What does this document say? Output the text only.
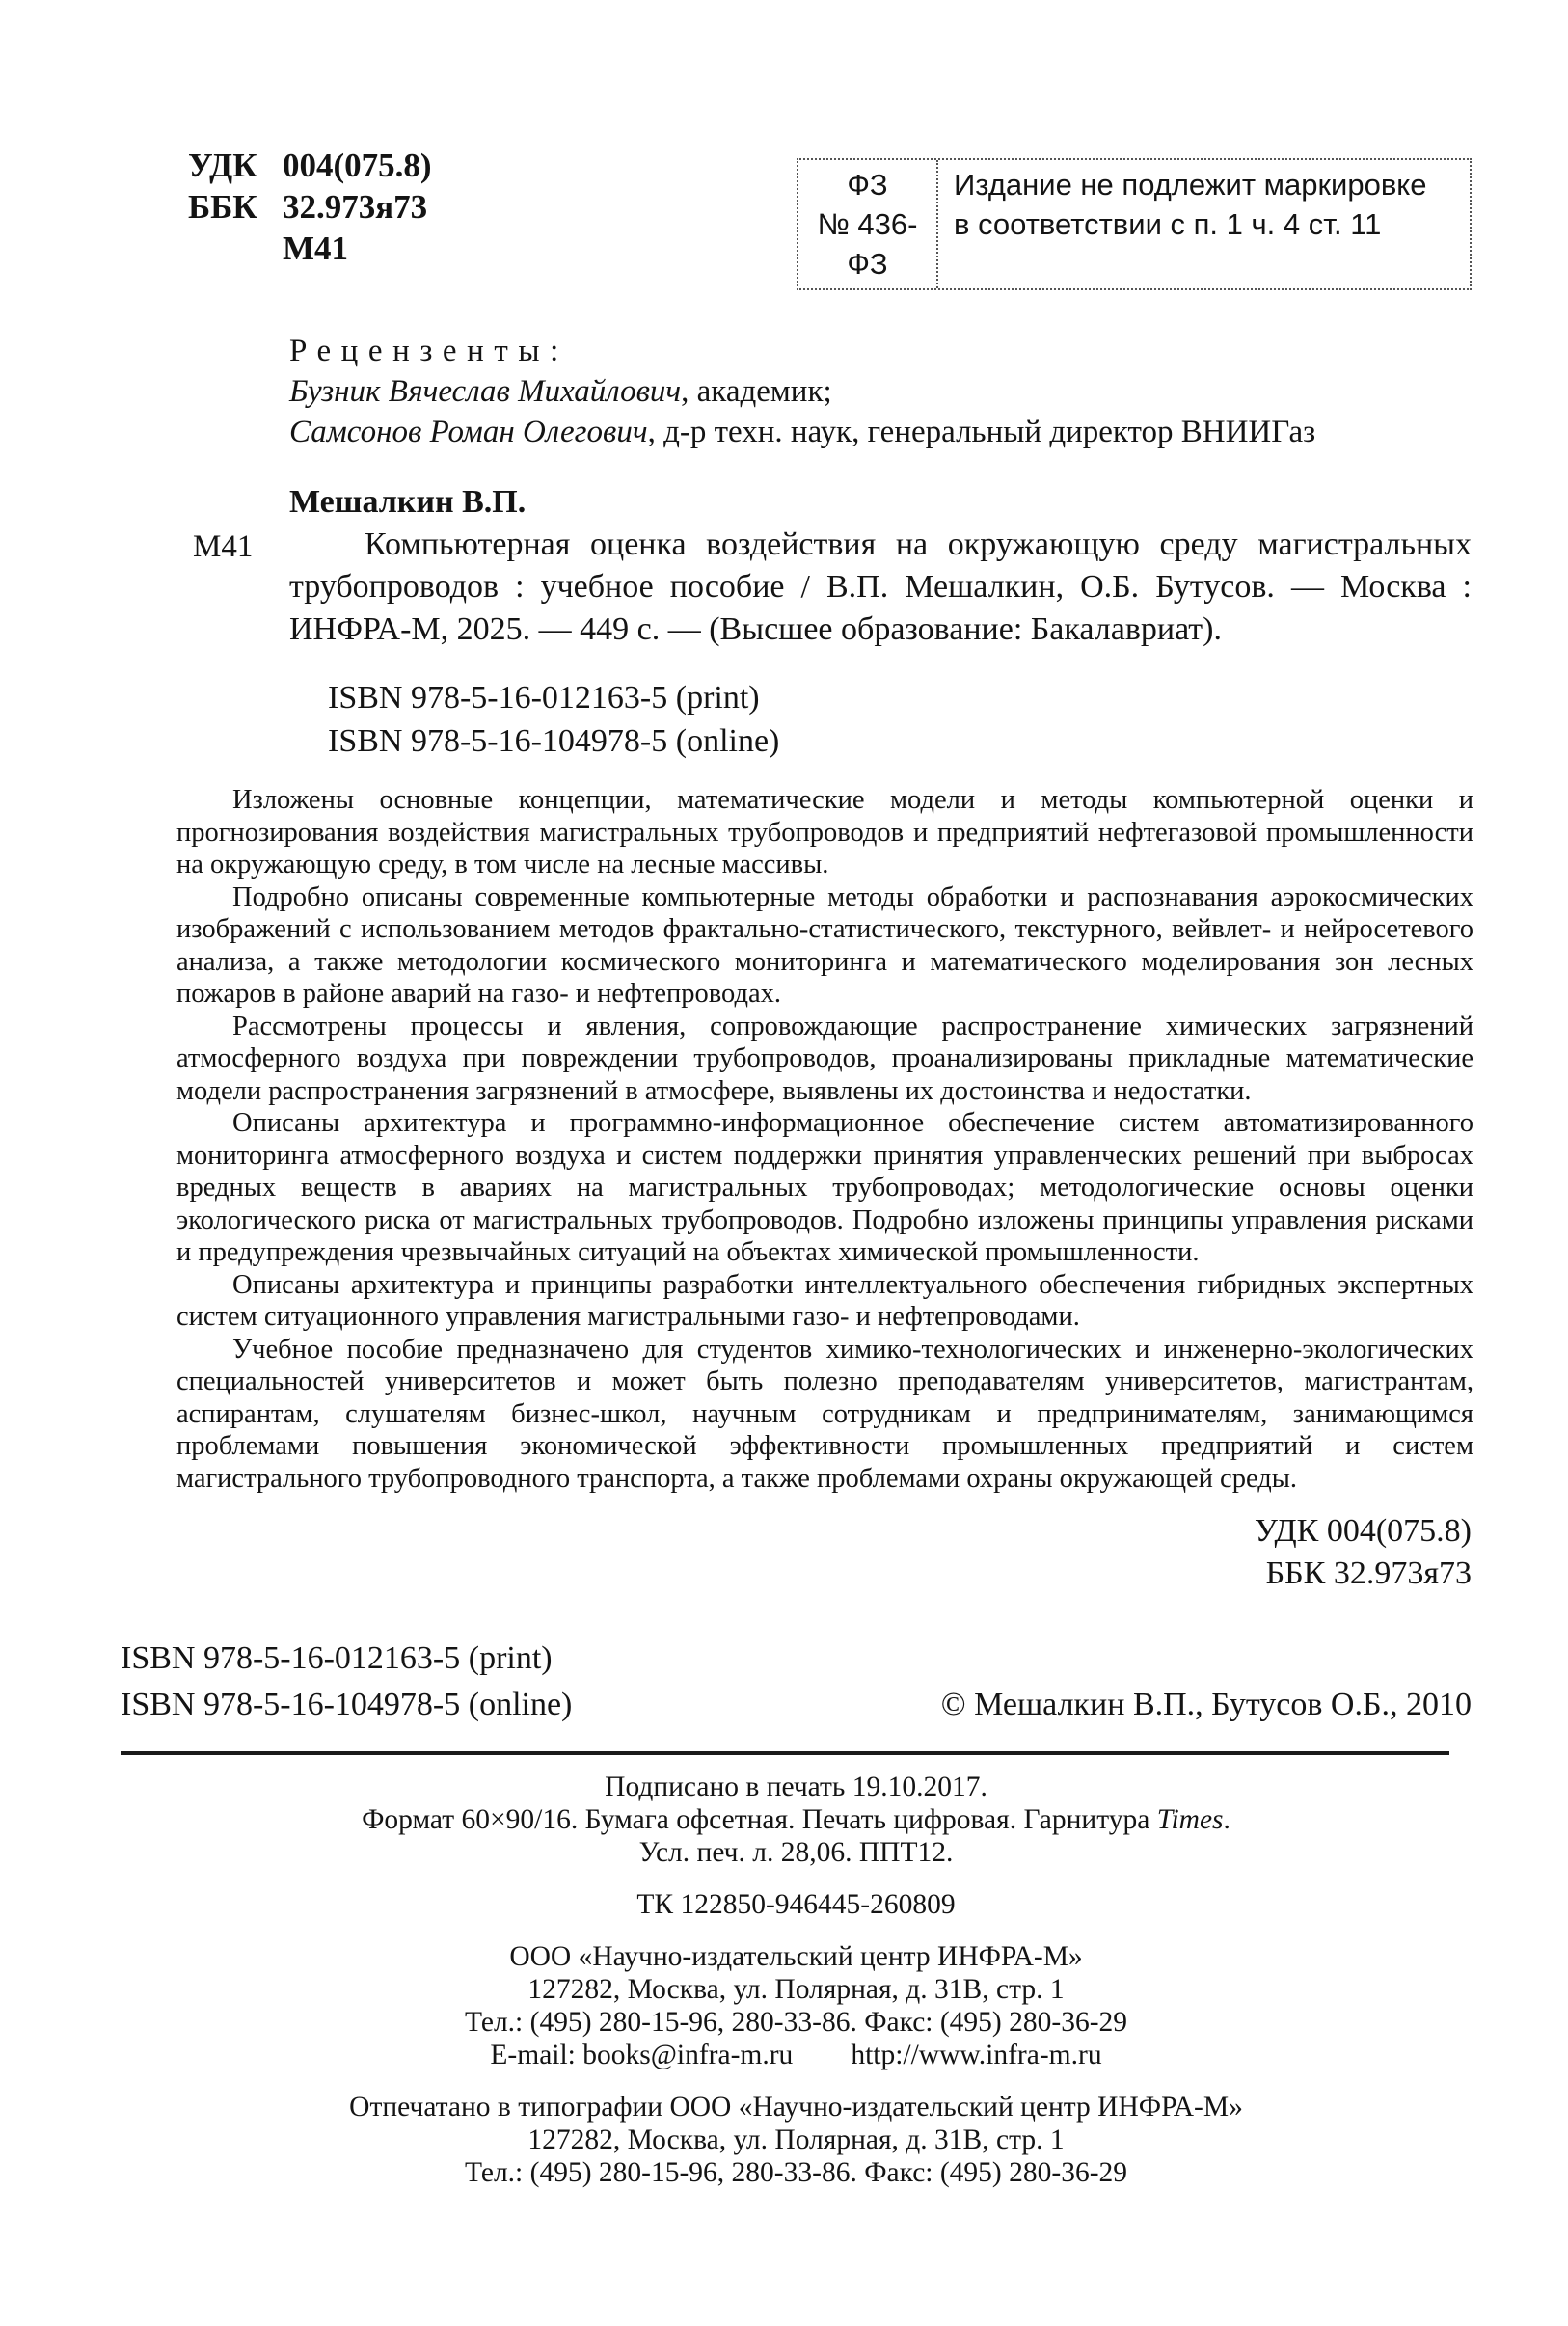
УДК 004(075.8)
ББК 32.973я73
М41
ФЗ
№ 436-ФЗ
Издание не подлежит маркировке
в соответствии с п. 1 ч. 4 ст. 11
Рецензенты:
Бузник Вячеслав Михайлович, академик;
Самсонов Роман Олегович, д-р техн. наук, генеральный директор ВНИИГаз
Мешалкин В.П.
М41	Компьютерная оценка воздействия на окружающую среду магистральных трубопроводов : учебное пособие / В.П. Мешалкин, О.Б. Бутусов. — Москва : ИНФРА-М, 2025. — 449 с. — (Высшее образование: Бакалавриат).
ISBN 978-5-16-012163-5 (print)
ISBN 978-5-16-104978-5 (online)

Изложены основные концепции, математические модели и методы компьютерной оценки и прогнозирования воздействия магистральных трубопроводов и предприятий нефтегазовой промышленности на окружающую среду, в том числе на лесные массивы.

Подробно описаны современные компьютерные методы обработки и распознавания аэрокосмических изображений с использованием методов фрактально-статистического, текстурного, вейвлет- и нейросетевого анализа, а также методологии космического мониторинга и математического моделирования зон лесных пожаров в районе аварий на газо- и нефтепроводах.

Рассмотрены процессы и явления, сопровождающие распространение химических загрязнений атмосферного воздуха при повреждении трубопроводов, проанализированы прикладные математические модели распространения загрязнений в атмосфере, выявлены их достоинства и недостатки.

Описаны архитектура и программно-информационное обеспечение систем автоматизированного мониторинга атмосферного воздуха и систем поддержки принятия управленческих решений при выбросах вредных веществ в авариях на магистральных трубопроводах; методологические основы оценки экологического риска от магистральных трубопроводов. Подробно изложены принципы управления рисками и предупреждения чрезвычайных ситуаций на объектах химической промышленности.

Описаны архитектура и принципы разработки интеллектуального обеспечения гибридных экспертных систем ситуационного управления магистральными газо- и нефтепроводами.

Учебное пособие предназначено для студентов химико-технологических и инженерно-экологических специальностей университетов и может быть полезно преподавателям университетов, магистрантам, аспирантам, слушателям бизнес-школ, научным сотрудникам и предпринимателям, занимающимся проблемами повышения экономической эффективности промышленных предприятий и систем магистрального трубопроводного транспорта, а также проблемами охраны окружающей среды.

УДК 004(075.8)
ББК 32.973я73
ISBN 978-5-16-012163-5 (print)
ISBN 978-5-16-104978-5 (online)	© Мешалкин В.П., Бутусов О.Б., 2010
Подписано в печать 19.10.2017.
Формат 60×90/16. Бумага офсетная. Печать цифровая. Гарнитура Times.
Усл. печ. л. 28,06. ППТ12.
ТК 122850-946445-260809
ООО «Научно-издательский центр ИНФРА-М»
127282, Москва, ул. Полярная, д. 31В, стр. 1
Тел.: (495) 280-15-96, 280-33-86. Факс: (495) 280-36-29
E-mail: books@infra-m.ru http://www.infra-m.ru
Отпечатано в типографии ООО «Научно-издательский центр ИНФРА-М»
127282, Москва, ул. Полярная, д. 31В, стр. 1
Тел.: (495) 280-15-96, 280-33-86. Факс: (495) 280-36-29
